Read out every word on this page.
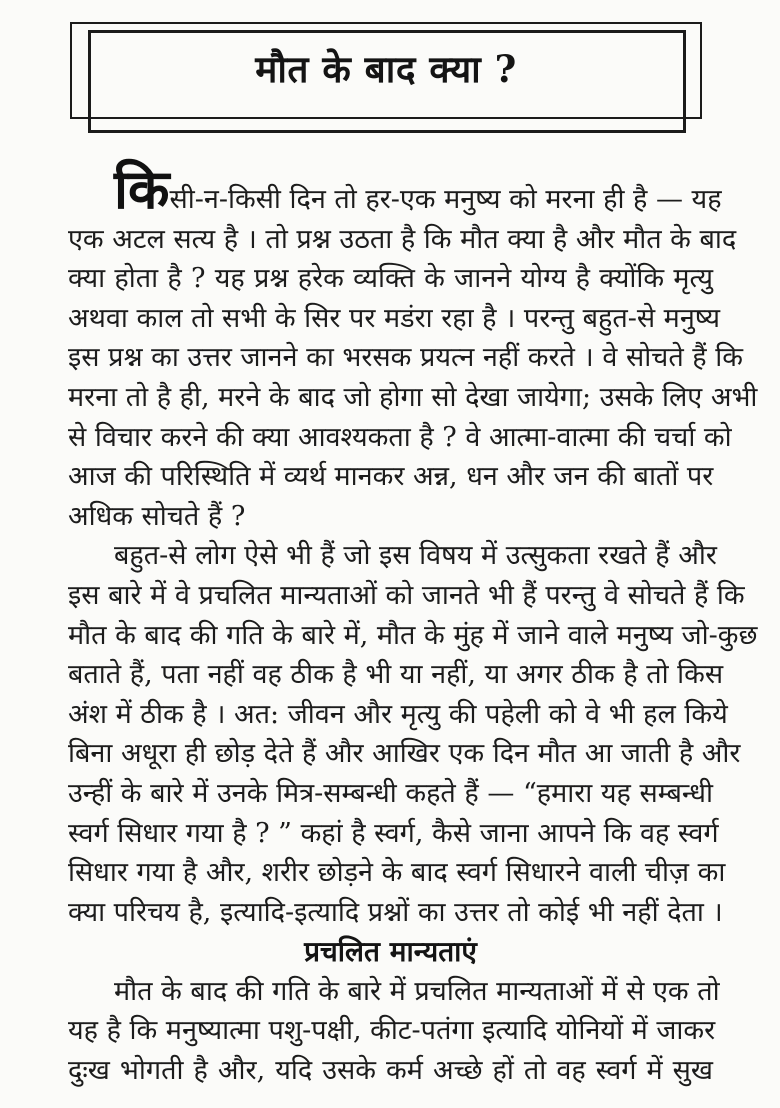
मौत के बाद क्या ?
किसी-न-किसी दिन तो हर-एक मनुष्य को मरना ही है — यह
एक अटल सत्य है । तो प्रश्न उठता है कि मौत क्या है और मौत के बाद
क्या होता है ? यह प्रश्न हरेक व्यक्ति के जानने योग्य है क्योंकि मृत्यु
अथवा काल तो सभी के सिर पर मडंरा रहा है । परन्तु बहुत-से मनुष्य
इस प्रश्न का उत्तर जानने का भरसक प्रयत्न नहीं करते । वे सोचते हैं कि
मरना तो है ही, मरने के बाद जो होगा सो देखा जायेगा; उसके लिए अभी
से विचार करने की क्या आवश्यकता है ? वे आत्मा-वात्मा की चर्चा को
आज की परिस्थिति में व्यर्थ मानकर अन्न, धन और जन की बातों पर
अधिक सोचते हैं ?
बहुत-से लोग ऐसे भी हैं जो इस विषय में उत्सुकता रखते हैं और
इस बारे में वे प्रचलित मान्यताओं को जानते भी हैं परन्तु वे सोचते हैं कि
मौत के बाद की गति के बारे में, मौत के मुंह में जाने वाले मनुष्य जो-कुछ
बताते हैं, पता नहीं वह ठीक है भी या नहीं, या अगर ठीक है तो किस
अंश में ठीक है । अत: जीवन और मृत्यु की पहेली को वे भी हल किये
बिना अधूरा ही छोड़ देते हैं और आखिर एक दिन मौत आ जाती है और
उन्हीं के बारे में उनके मित्र-सम्बन्धी कहते हैं — “हमारा यह सम्बन्धी
स्वर्ग सिधार गया है ? ” कहां है स्वर्ग, कैसे जाना आपने कि वह स्वर्ग
सिधार गया है और, शरीर छोड़ने के बाद स्वर्ग सिधारने वाली चीज़ का
क्या परिचय है, इत्यादि-इत्यादि प्रश्नों का उत्तर तो कोई भी नहीं देता ।
प्रचलित मान्यताएं
मौत के बाद की गति के बारे में प्रचलित मान्यताओं में से एक तो
यह है कि मनुष्यात्मा पशु-पक्षी, कीट-पतंगा इत्यादि योनियों में जाकर
दुःख भोगती है और, यदि उसके कर्म अच्छे हों तो वह स्वर्ग में सुख
